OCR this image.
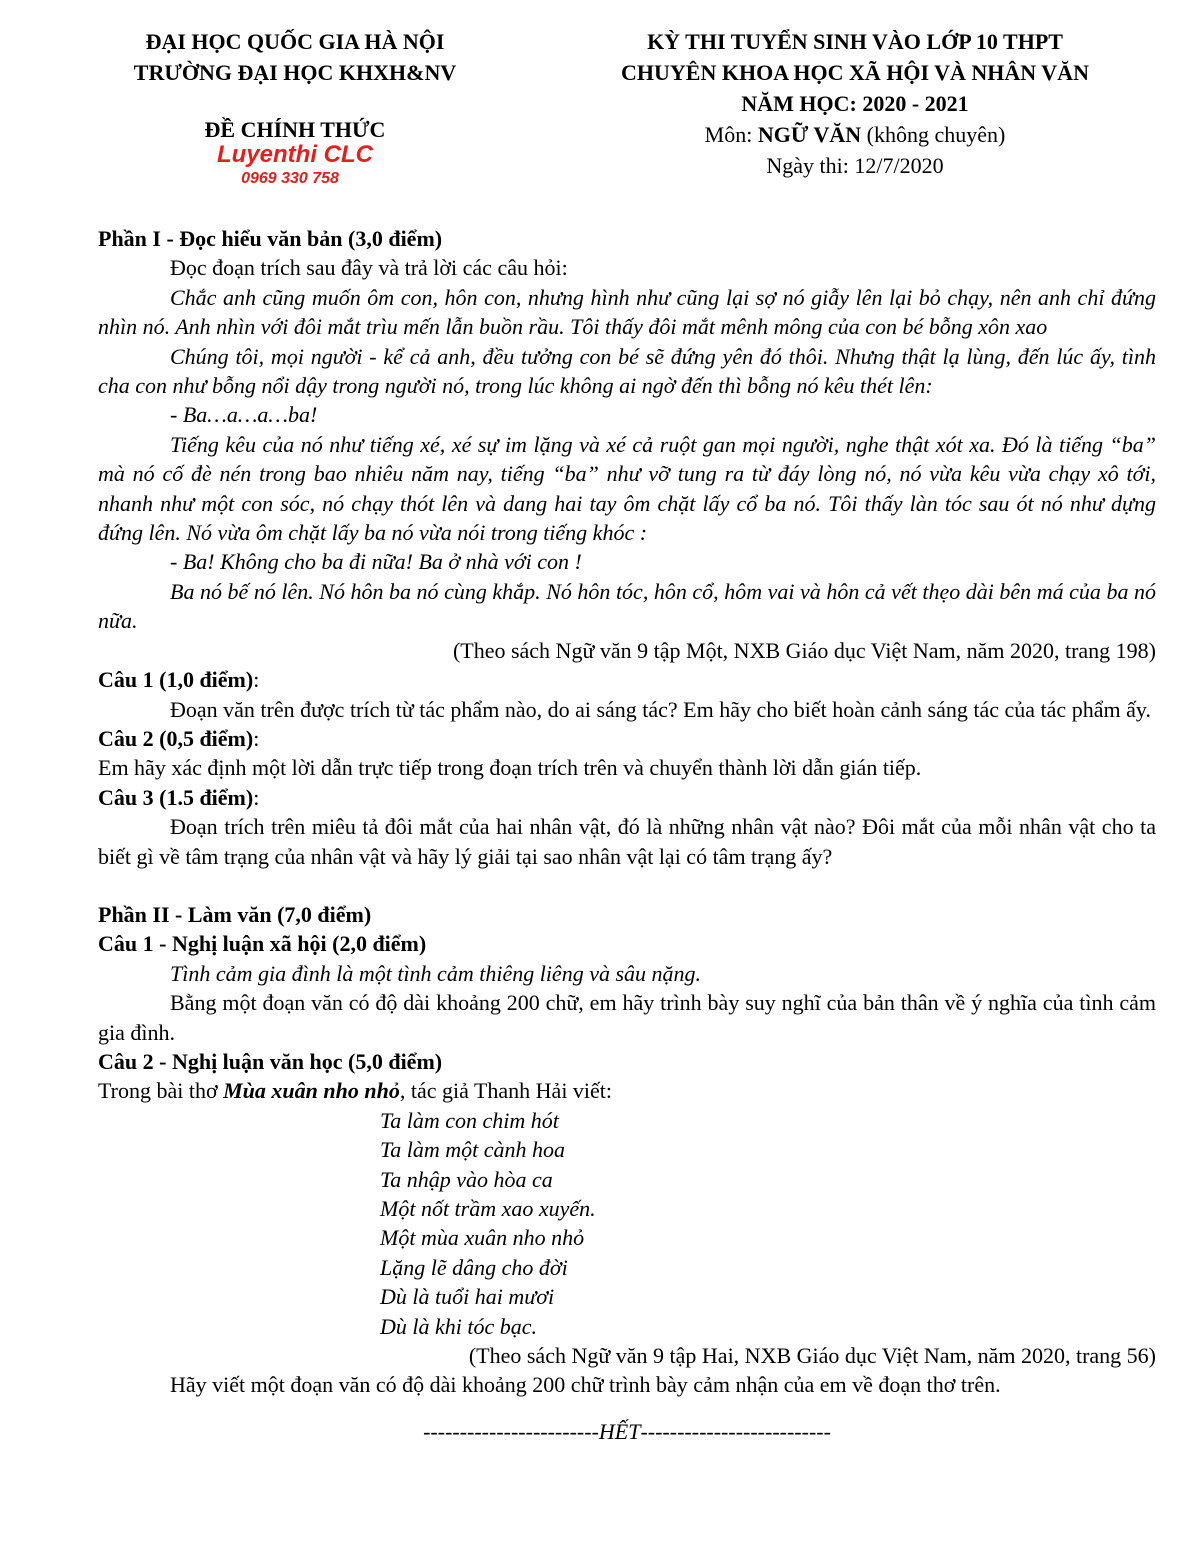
ĐẠI HỌC QUỐC GIA HÀ NỘI
TRƯỜNG ĐẠI HỌC KHXH&NV
ĐỀ CHÍNH THỨC
Luyenthi CLC
0969 330 758
KỲ THI TUYỂN SINH VÀO LỚP 10 THPT
CHUYÊN KHOA HỌC XÃ HỘI VÀ NHÂN VĂN
NĂM HỌC: 2020 - 2021
Môn: NGỮ VĂN (không chuyên)
Ngày thi: 12/7/2020
Phần I - Đọc hiểu văn bản (3,0 điểm)
Đọc đoạn trích sau đây và trả lời các câu hỏi:
Chắc anh cũng muốn ôm con, hôn con, nhưng hình như cũng lại sợ nó giẫy lên lại bỏ chạy, nên anh chỉ đứng nhìn nó. Anh nhìn với đôi mắt trìu mến lẫn buồn rầu. Tôi thấy đôi mắt mênh mông của con bé bỗng xôn xao
Chúng tôi, mọi người - kể cả anh, đều tưởng con bé sẽ đứng yên đó thôi. Nhưng thật lạ lùng, đến lúc ấy, tình cha con như bỗng nổi dậy trong người nó, trong lúc không ai ngờ đến thì bỗng nó kêu thét lên:
- Ba…a…a…ba!
Tiếng kêu của nó như tiếng xé, xé sự im lặng và xé cả ruột gan mọi người, nghe thật xót xa. Đó là tiếng “ba” mà nó cố đè nén trong bao nhiêu năm nay, tiếng “ba” như vỡ tung ra từ đáy lòng nó, nó vừa kêu vừa chạy xô tới, nhanh như một con sóc, nó chạy thót lên và dang hai tay ôm chặt lấy cổ ba nó. Tôi thấy làn tóc sau ót nó như dựng đứng lên. Nó vừa ôm chặt lấy ba nó vừa nói trong tiếng khóc :
- Ba! Không cho ba đi nữa! Ba ở nhà với con !
Ba nó bế nó lên. Nó hôn ba nó cùng khắp. Nó hôn tóc, hôn cổ, hôm vai và hôn cả vết thẹo dài bên má của ba nó nữa.
(Theo sách Ngữ văn 9 tập Một, NXB Giáo dục Việt Nam, năm 2020, trang 198)
Câu 1 (1,0 điểm):
Đoạn văn trên được trích từ tác phẩm nào, do ai sáng tác? Em hãy cho biết hoàn cảnh sáng tác của tác phẩm ấy.
Câu 2 (0,5 điểm):
Em hãy xác định một lời dẫn trực tiếp trong đoạn trích trên và chuyển thành lời dẫn gián tiếp.
Câu 3 (1.5 điểm):
Đoạn trích trên miêu tả đôi mắt của hai nhân vật, đó là những nhân vật nào? Đôi mắt của mỗi nhân vật cho ta biết gì về tâm trạng của nhân vật và hãy lý giải tại sao nhân vật lại có tâm trạng ấy?
Phần II - Làm văn (7,0 điểm)
Câu 1 - Nghị luận xã hội (2,0 điểm)
Tình cảm gia đình là một tình cảm thiêng liêng và sâu nặng.
Bằng một đoạn văn có độ dài khoảng 200 chữ, em hãy trình bày suy nghĩ của bản thân về ý nghĩa của tình cảm gia đình.
Câu 2 - Nghị luận văn học (5,0 điểm)
Trong bài thơ Mùa xuân nho nhỏ, tác giả Thanh Hải viết:
Ta làm con chim hót
Ta làm một cành hoa
Ta nhập vào hòa ca
Một nốt trầm xao xuyến.
Một mùa xuân nho nhỏ
Lặng lẽ dâng cho đời
Dù là tuổi hai mươi
Dù là khi tóc bạc.
(Theo sách Ngữ văn 9 tập Hai, NXB Giáo dục Việt Nam, năm 2020, trang 56)
Hãy viết một đoạn văn có độ dài khoảng 200 chữ trình bày cảm nhận của em về đoạn thơ trên.
------------------------HẾT--------------------------
